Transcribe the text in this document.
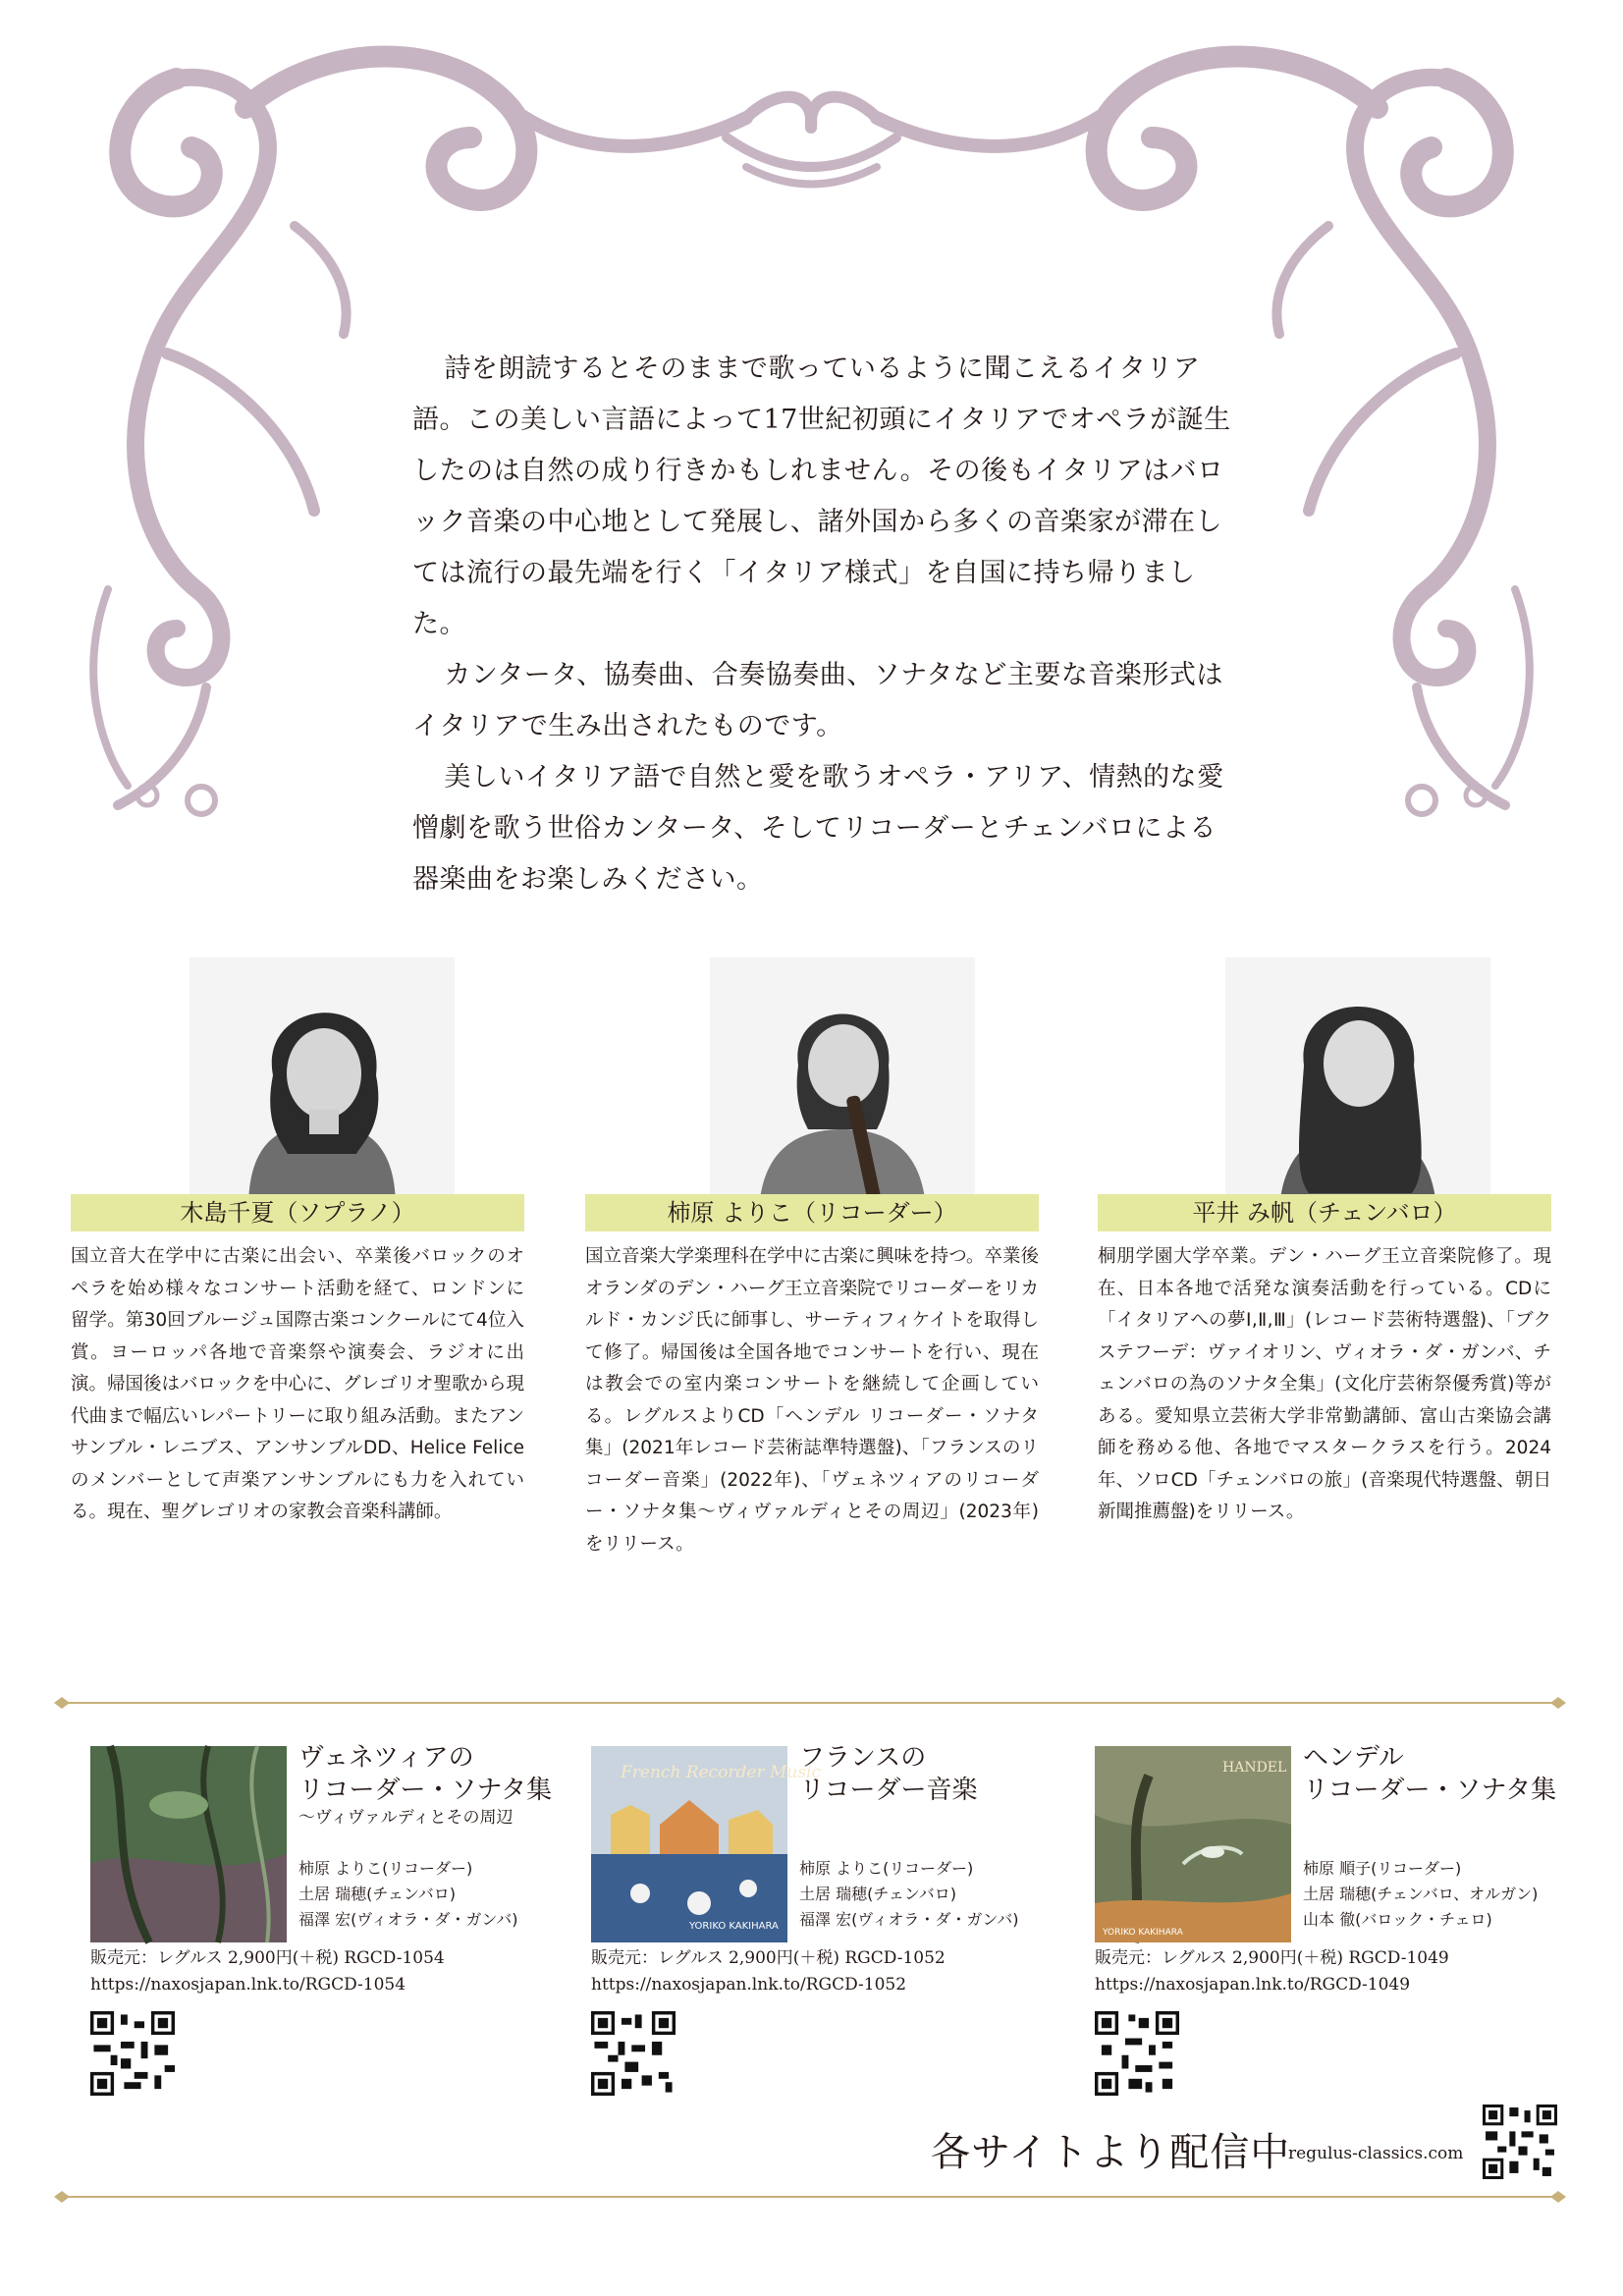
詩を朗読するとそのままで歌っているように聞こえるイタリア語。この美しい言語によって17世紀初頭にイタリアでオペラが誕生したのは自然の成り行きかもしれません。その後もイタリアはバロック音楽の中心地として発展し、諸外国から多くの音楽家が滞在しては流行の最先端を行く「イタリア様式」を自国に持ち帰りました。

カンタータ、協奏曲、合奏協奏曲、ソナタなど主要な音楽形式はイタリアで生み出されたものです。

美しいイタリア語で自然と愛を歌うオペラ・アリア、情熱的な愛憎劇を歌う世俗カンタータ、そしてリコーダーとチェンバロによる器楽曲をお楽しみください。

木島千夏（ソプラノ）
国立音大在学中に古楽に出会い、卒業後バロックのオペラを始め様々なコンサート活動を経て、ロンドンに留学。第30回ブルージュ国際古楽コンクールにて4位入賞。ヨーロッパ各地で音楽祭や演奏会、ラジオに出演。帰国後はバロックを中心に、グレゴリオ聖歌から現代曲まで幅広いレパートリーに取り組み活動。またアンサンブル・レニブス、アンサンブルDD、Helice Feliceのメンバーとして声楽アンサンブルにも力を入れている。現在、聖グレゴリオの家教会音楽科講師。
柿原 よりこ（リコーダー）
国立音楽大学楽理科在学中に古楽に興味を持つ。卒業後オランダのデン・ハーグ王立音楽院でリコーダーをリカルド・カンジ氏に師事し、サーティフィケイトを取得して修了。帰国後は全国各地でコンサートを行い、現在は教会での室内楽コンサートを継続して企画している。レグルスよりCD「ヘンデル リコーダー・ソナタ集」(2021年レコード芸術誌準特選盤)、「フランスのリコーダー音楽」(2022年)、「ヴェネツィアのリコーダー・ソナタ集～ヴィヴァルディとその周辺」(2023年)をリリース。
平井 み帆（チェンバロ）
桐朋学園大学卒業。デン・ハーグ王立音楽院修了。現在、日本各地で活発な演奏活動を行っている。CDに「イタリアへの夢Ⅰ,Ⅱ,Ⅲ」(レコード芸術特選盤)、「ブクステフーデ：ヴァイオリン、ヴィオラ・ダ・ガンバ、チェンバロの為のソナタ全集」(文化庁芸術祭優秀賞)等がある。愛知県立芸術大学非常勤講師、富山古楽協会講師を務める他、各地でマスタークラスを行う。2024年、ソロCD「チェンバロの旅」(音楽現代特選盤、朝日新聞推薦盤)をリリース。
ヴェネツィアの
リコーダー・ソナタ集
～ヴィヴァルディとその周辺
柿原 よりこ(リコーダー)
土居 瑞穂(チェンバロ)
福澤 宏(ヴィオラ・ダ・ガンバ)
販売元：レグルス 2,900円(＋税) RGCD-1054
https://naxosjapan.lnk.to/RGCD-1054
French Recorder Music
YORIKO KAKIHARA
フランスの
リコーダー音楽
柿原 よりこ(リコーダー)
土居 瑞穂(チェンバロ)
福澤 宏(ヴィオラ・ダ・ガンバ)
販売元：レグルス 2,900円(＋税) RGCD-1052
https://naxosjapan.lnk.to/RGCD-1052
HANDEL
YORIKO KAKIHARA
ヘンデル
リコーダー・ソナタ集
柿原 順子(リコーダー)
土居 瑞穂(チェンバロ、オルガン)
山本 徹(バロック・チェロ)
販売元：レグルス 2,900円(＋税) RGCD-1049
https://naxosjapan.lnk.to/RGCD-1049
各サイトより配信中
regulus-classics.com
